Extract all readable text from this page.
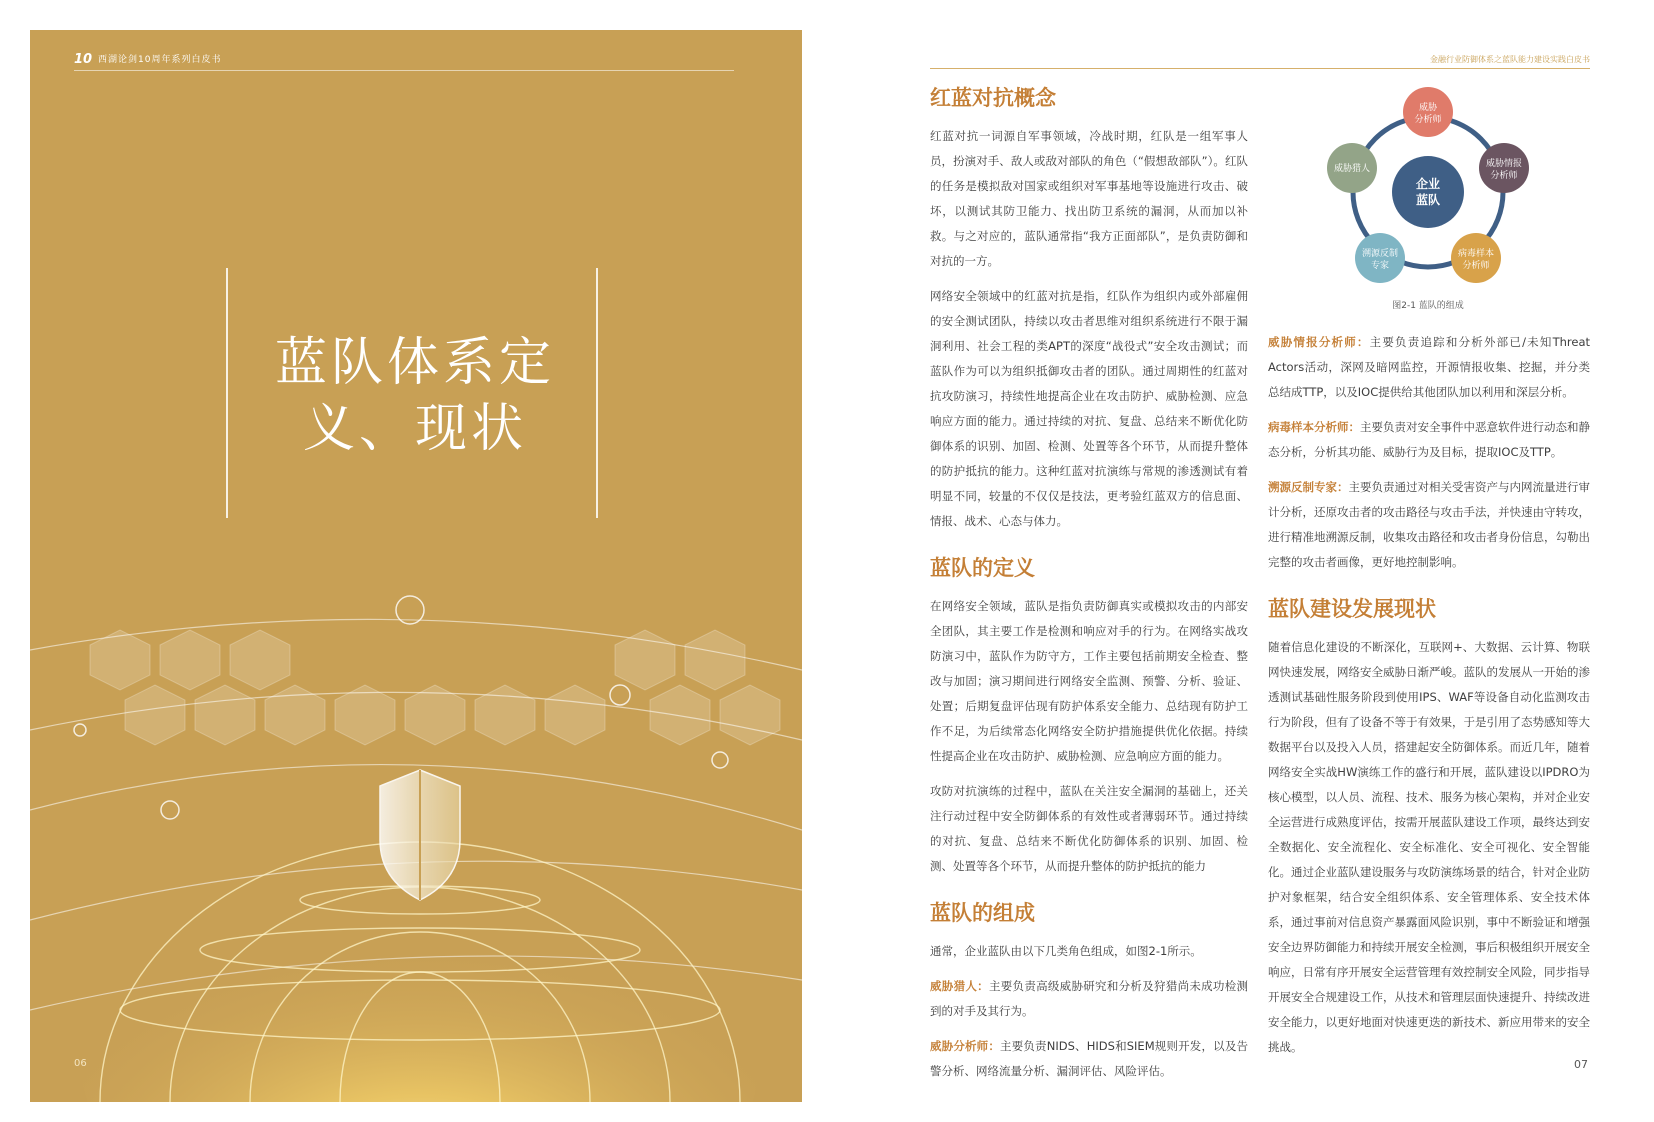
10 西湖论剑10周年系列白皮书
蓝队体系定
义、现状
06
金融行业防御体系之蓝队能力建设实践白皮书
红蓝对抗概念

红蓝对抗一词源自军事领域，冷战时期，红队是一组军事人员，扮演对手、敌人或敌对部队的角色（“假想敌部队”）。红队的任务是模拟敌对国家或组织对军事基地等设施进行攻击、破坏，以测试其防卫能力、找出防卫系统的漏洞，从而加以补救。与之对应的，蓝队通常指“我方正面部队”，是负责防御和对抗的一方。

网络安全领域中的红蓝对抗是指，红队作为组织内或外部雇佣的安全测试团队，持续以攻击者思维对组织系统进行不限于漏洞利用、社会工程的类APT的深度“战役式”安全攻击测试；而蓝队作为可以为组织抵御攻击者的团队。通过周期性的红蓝对抗攻防演习，持续性地提高企业在攻击防护、威胁检测、应急响应方面的能力。通过持续的对抗、复盘、总结来不断优化防御体系的识别、加固、检测、处置等各个环节，从而提升整体的防护抵抗的能力。这种红蓝对抗演练与常规的渗透测试有着明显不同，较量的不仅仅是技法，更考验红蓝双方的信息面、情报、战术、心态与体力。

蓝队的定义

在网络安全领域，蓝队是指负责防御真实或模拟攻击的内部安全团队，其主要工作是检测和响应对手的行为。在网络实战攻防演习中，蓝队作为防守方，工作主要包括前期安全检查、整改与加固；演习期间进行网络安全监测、预警、分析、验证、处置；后期复盘评估现有防护体系安全能力、总结现有防护工作不足，为后续常态化网络安全防护措施提供优化依据。持续性提高企业在攻击防护、威胁检测、应急响应方面的能力。

攻防对抗演练的过程中，蓝队在关注安全漏洞的基础上，还关注行动过程中安全防御体系的有效性或者薄弱环节。通过持续的对抗、复盘、总结来不断优化防御体系的识别、加固、检测、处置等各个环节，从而提升整体的防护抵抗的能力

蓝队的组成

通常，企业蓝队由以下几类角色组成，如图2-1所示。

威胁猎人：主要负责高级威胁研究和分析及狩猎尚未成功检测到的对手及其行为。

威胁分析师：主要负责NIDS、HIDS和SIEM规则开发，以及告警分析、网络流量分析、漏洞评估、风险评估。

企业
蓝队
威胁
分析师
威胁情报
分析师
病毒样本
分析师
溯源反制
专家
威胁猎人
图2-1 蓝队的组成

威胁情报分析师：主要负责追踪和分析外部已/未知Threat Actors活动，深网及暗网监控，开源情报收集、挖掘，并分类总结成TTP，以及IOC提供给其他团队加以利用和深层分析。

病毒样本分析师：主要负责对安全事件中恶意软件进行动态和静态分析，分析其功能、威胁行为及目标，提取IOC及TTP。

溯源反制专家：主要负责通过对相关受害资产与内网流量进行审计分析，还原攻击者的攻击路径与攻击手法，并快速由守转攻，进行精准地溯源反制，收集攻击路径和攻击者身份信息，勾勒出完整的攻击者画像，更好地控制影响。

蓝队建设发展现状

随着信息化建设的不断深化，互联网+、大数据、云计算、物联网快速发展，网络安全威胁日渐严峻。蓝队的发展从一开始的渗透测试基础性服务阶段到使用IPS、WAF等设备自动化监测攻击行为阶段，但有了设备不等于有效果，于是引用了态势感知等大数据平台以及投入人员，搭建起安全防御体系。而近几年，随着网络安全实战HW演练工作的盛行和开展，蓝队建设以IPDRO为核心模型，以人员、流程、技术、服务为核心架构，并对企业安全运营进行成熟度评估，按需开展蓝队建设工作项，最终达到安全数据化、安全流程化、安全标准化、安全可视化、安全智能化。通过企业蓝队建设服务与攻防演练场景的结合，针对企业防护对象框架，结合安全组织体系、安全管理体系、安全技术体系，通过事前对信息资产暴露面风险识别，事中不断验证和增强安全边界防御能力和持续开展安全检测，事后积极组织开展安全响应，日常有序开展安全运营管理有效控制安全风险，同步指导开展安全合规建设工作，从技术和管理层面快速提升、持续改进安全能力，以更好地面对快速更迭的新技术、新应用带来的安全挑战。

07
